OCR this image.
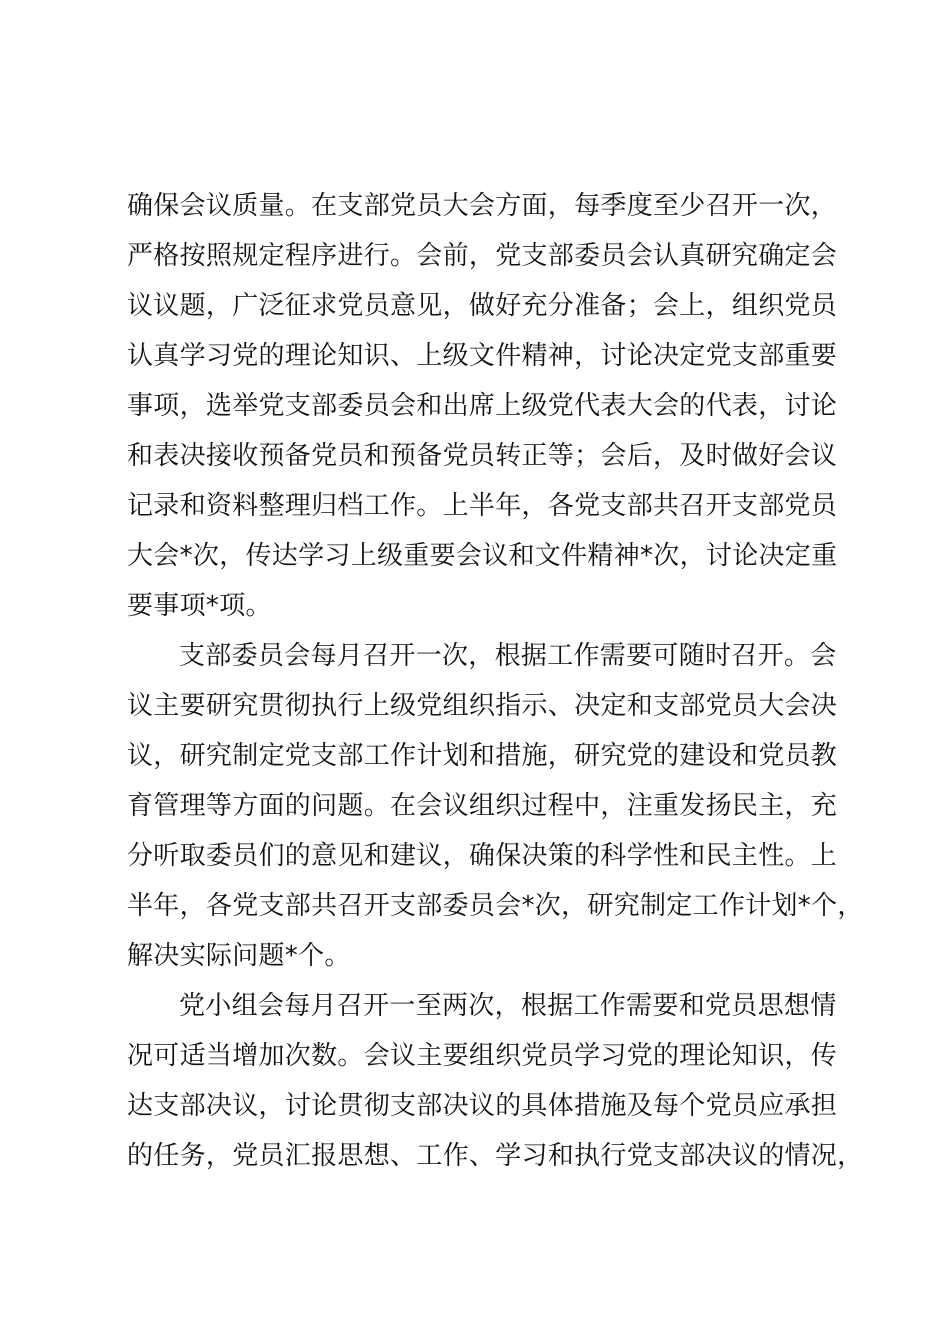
确保会议质量。在支部党员大会方面，每季度至少召开一次，
严格按照规定程序进行。会前，党支部委员会认真研究确定会
议议题，广泛征求党员意见，做好充分准备；会上，组织党员
认真学习党的理论知识、上级文件精神，讨论决定党支部重要
事项，选举党支部委员会和出席上级党代表大会的代表，讨论
和表决接收预备党员和预备党员转正等；会后，及时做好会议
记录和资料整理归档工作。上半年，各党支部共召开支部党员
大会*次，传达学习上级重要会议和文件精神*次，讨论决定重
要事项*项。
支部委员会每月召开一次，根据工作需要可随时召开。会
议主要研究贯彻执行上级党组织指示、决定和支部党员大会决
议，研究制定党支部工作计划和措施，研究党的建设和党员教
育管理等方面的问题。在会议组织过程中，注重发扬民主，充
分听取委员们的意见和建议，确保决策的科学性和民主性。上
半年，各党支部共召开支部委员会*次，研究制定工作计划*个，
解决实际问题*个。
党小组会每月召开一至两次，根据工作需要和党员思想情
况可适当增加次数。会议主要组织党员学习党的理论知识，传
达支部决议，讨论贯彻支部决议的具体措施及每个党员应承担
的任务，党员汇报思想、工作、学习和执行党支部决议的情况，
